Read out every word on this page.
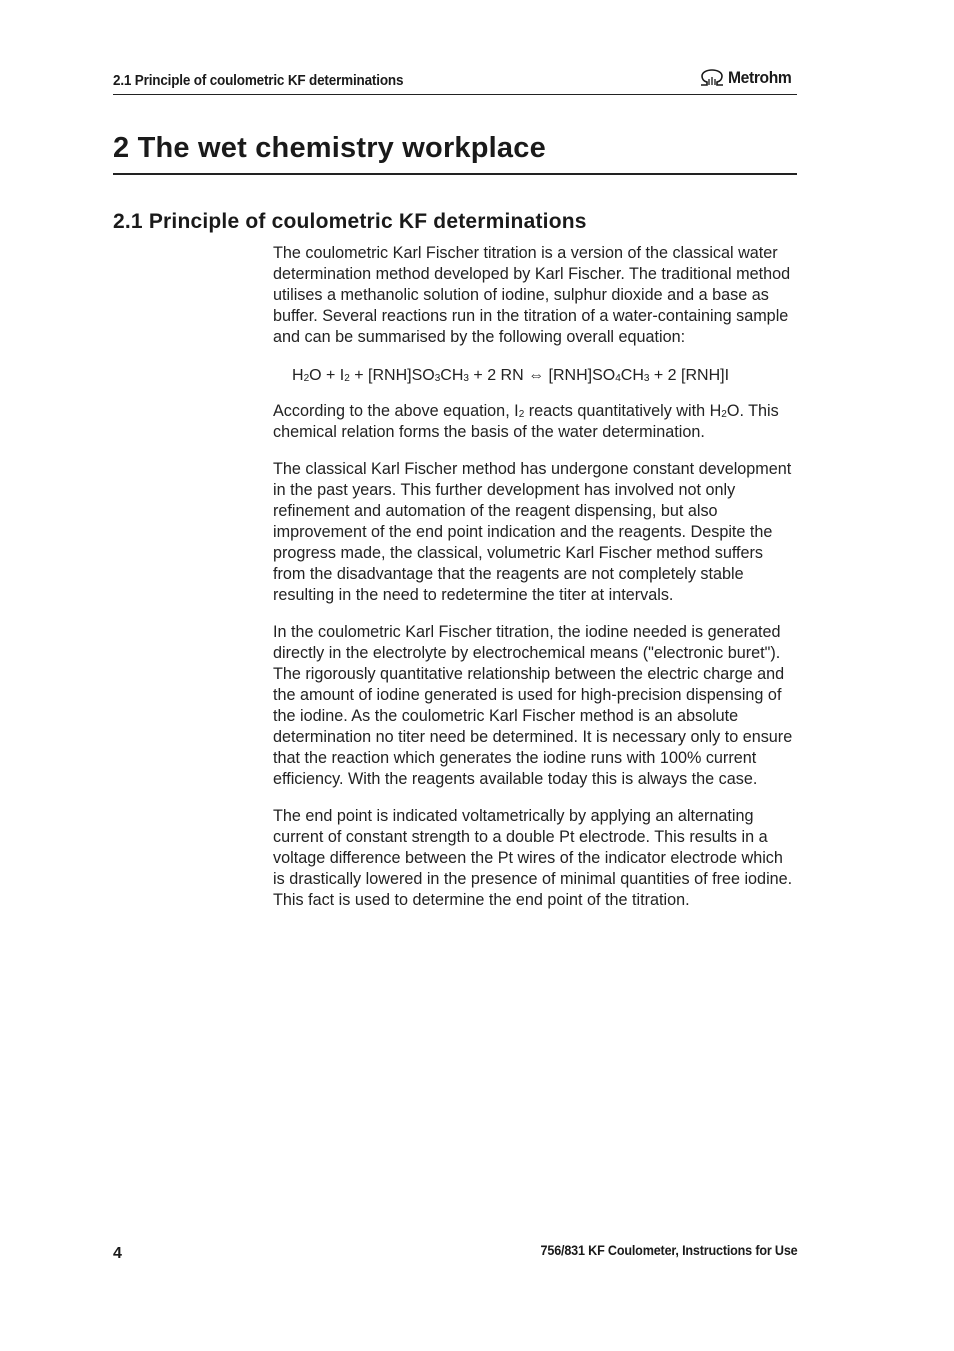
2.1 Principle of coulometric KF determinations	Metrohm
2 The wet chemistry workplace
2.1 Principle of coulometric KF determinations

The coulometric Karl Fischer titration is a version of the classical water determination method developed by Karl Fischer. The traditional method utilises a methanolic solution of iodine, sulphur dioxide and a base as buffer. Several reactions run in the titration of a water-containing sample and can be summarised by the following overall equation:

$H_2O + I_2 + [RNH]SO_3CH_3 + 2$ RN ⇔ $[RNH]SO_4CH_3 + 2$ [RNH]I

According to the above equation, $I_2$ reacts quantitatively with $H_2O$. This chemical relation forms the basis of the water determination.

The classical Karl Fischer method has undergone constant development in the past years. This further development has involved not only refinement and automation of the reagent dispensing, but also improvement of the end point indication and the reagents. Despite the progress made, the classical, volumetric Karl Fischer method suffers from the disadvantage that the reagents are not completely stable resulting in the need to redetermine the titer at intervals.

In the coulometric Karl Fischer titration, the iodine needed is generated directly in the electrolyte by electrochemical means ("electronic buret"). The rigorously quantitative relationship between the electric charge and the amount of iodine generated is used for high-precision dispensing of the iodine. As the coulometric Karl Fischer method is an absolute determination no titer need be determined. It is necessary only to ensure that the reaction which generates the iodine runs with 100% current efficiency. With the reagents available today this is always the case.

The end point is indicated voltametrically by applying an alternating current of constant strength to a double Pt electrode. This results in a voltage difference between the Pt wires of the indicator electrode which is drastically lowered in the presence of minimal quantities of free iodine. This fact is used to determine the end point of the titration.

4	756/831 KF Coulometer, Instructions for Use
